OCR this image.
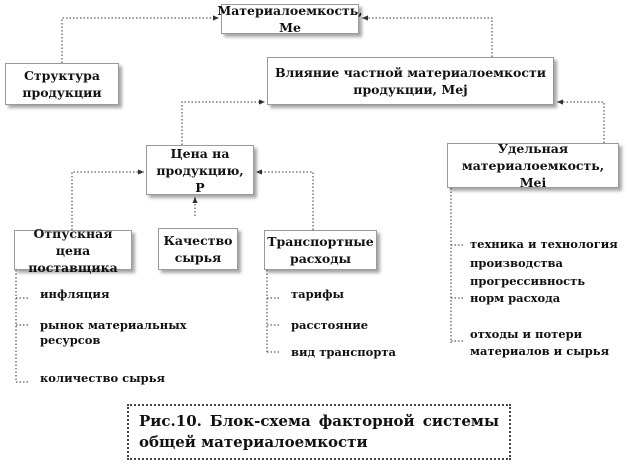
Материалоемкость, Ме
Структура
продукции
Влияние частной материалоемкости
продукции, Меj
Цена на
продукцию, Р
Удельная
материалоемкость, Меi
Отпускная цена
поставщика
Качество
сырья
Транспортные
расходы
инфляция
рынок материальных
ресурсов
количество сырья
тарифы
расстояние
вид транспорта
техника и технология
производства
прогрессивность
норм расхода
отходы и потери
материалов и сырья
Рис.10. Блок-схема факторной системы
общей материалоемкости
